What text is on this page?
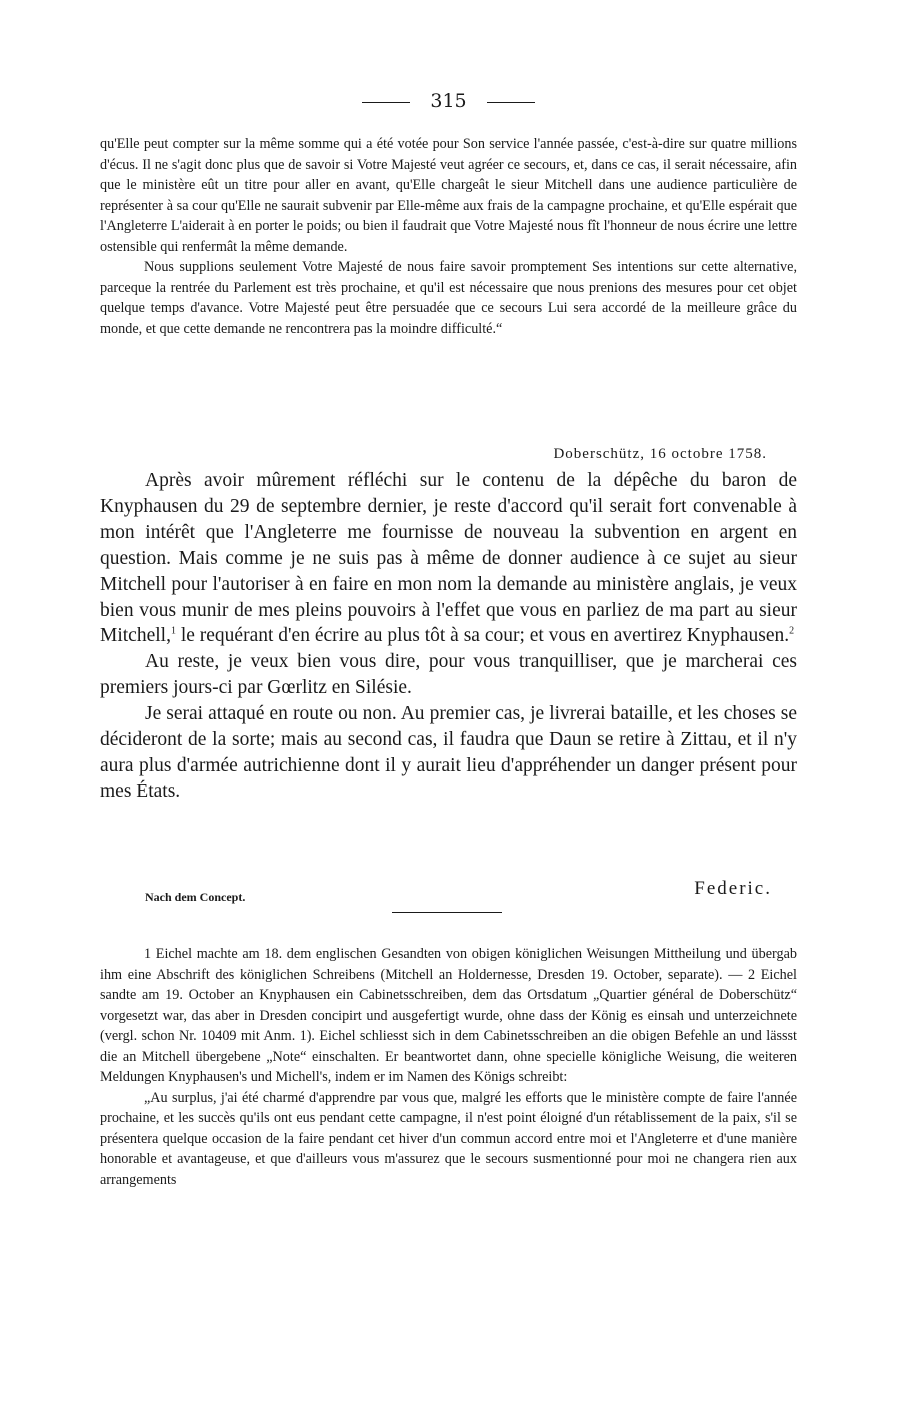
315

qu'Elle peut compter sur la même somme qui a été votée pour Son service l'année passée, c'est-à-dire sur quatre millions d'écus. Il ne s'agit donc plus que de savoir si Votre Majesté veut agréer ce secours, et, dans ce cas, il serait nécessaire, afin que le ministère eût un titre pour aller en avant, qu'Elle chargeât le sieur Mitchell dans une audience particulière de représenter à sa cour qu'Elle ne saurait subvenir par Elle-même aux frais de la campagne prochaine, et qu'Elle espérait que l'Angleterre L'aiderait à en porter le poids; ou bien il faudrait que Votre Majesté nous fît l'honneur de nous écrire une lettre ostensible qui renfermât la même demande.

Nous supplions seulement Votre Majesté de nous faire savoir promptement Ses intentions sur cette alternative, parceque la rentrée du Parlement est très prochaine, et qu'il est nécessaire que nous prenions des mesures pour cet objet quelque temps d'avance. Votre Majesté peut être persuadée que ce secours Lui sera accordé de la meilleure grâce du monde, et que cette demande ne rencontrera pas la moindre difficulté.“

Doberschütz, 16 octobre 1758.

Après avoir mûrement réfléchi sur le contenu de la dépêche du baron de Knyphausen du 29 de septembre dernier, je reste d'accord qu'il serait fort convenable à mon intérêt que l'Angleterre me fournisse de nouveau la subvention en argent en question. Mais comme je ne suis pas à même de donner audience à ce sujet au sieur Mitchell pour l'autoriser à en faire en mon nom la demande au ministère anglais, je veux bien vous munir de mes pleins pouvoirs à l'effet que vous en parliez de ma part au sieur Mitchell,$^1$ le requérant d'en écrire au plus tôt à sa cour; et vous en avertirez Knyphausen.$^2$

Au reste, je veux bien vous dire, pour vous tranquilliser, que je marcherai ces premiers jours-ci par Gœrlitz en Silésie.

Je serai attaqué en route ou non. Au premier cas, je livrerai bataille, et les choses se décideront de la sorte; mais au second cas, il faudra que Daun se retire à Zittau, et il n'y aura plus d'armée autrichienne dont il y aurait lieu d'appréhender un danger présent pour mes États.

Nach dem Concept.	Federic.

1 Eichel machte am 18. dem englischen Gesandten von obigen königlichen Weisungen Mittheilung und übergab ihm eine Abschrift des königlichen Schreibens (Mitchell an Holdernesse, Dresden 19. October, separate). — 2 Eichel sandte am 19. October an Knyphausen ein Cabinetsschreiben, dem das Ortsdatum „Quartier général de Doberschütz“ vorgesetzt war, das aber in Dresden concipirt und ausgefertigt wurde, ohne dass der König es einsah und unterzeichnete (vergl. schon Nr. 10409 mit Anm. 1). Eichel schliesst sich in dem Cabinetsschreiben an die obigen Befehle an und lässst die an Mitchell übergebene „Note“ einschalten. Er beantwortet dann, ohne specielle königliche Weisung, die weiteren Meldungen Knyphausen's und Michell's, indem er im Namen des Königs schreibt:

„Au surplus, j'ai été charmé d'apprendre par vous que, malgré les efforts que le ministère compte de faire l'année prochaine, et les succès qu'ils ont eus pendant cette campagne, il n'est point éloigné d'un rétablissement de la paix, s'il se présentera quelque occasion de la faire pendant cet hiver d'un commun accord entre moi et l'Angleterre et d'une manière honorable et avantageuse, et que d'ailleurs vous m'assurez que le secours susmentionné pour moi ne changera rien aux arrangements
